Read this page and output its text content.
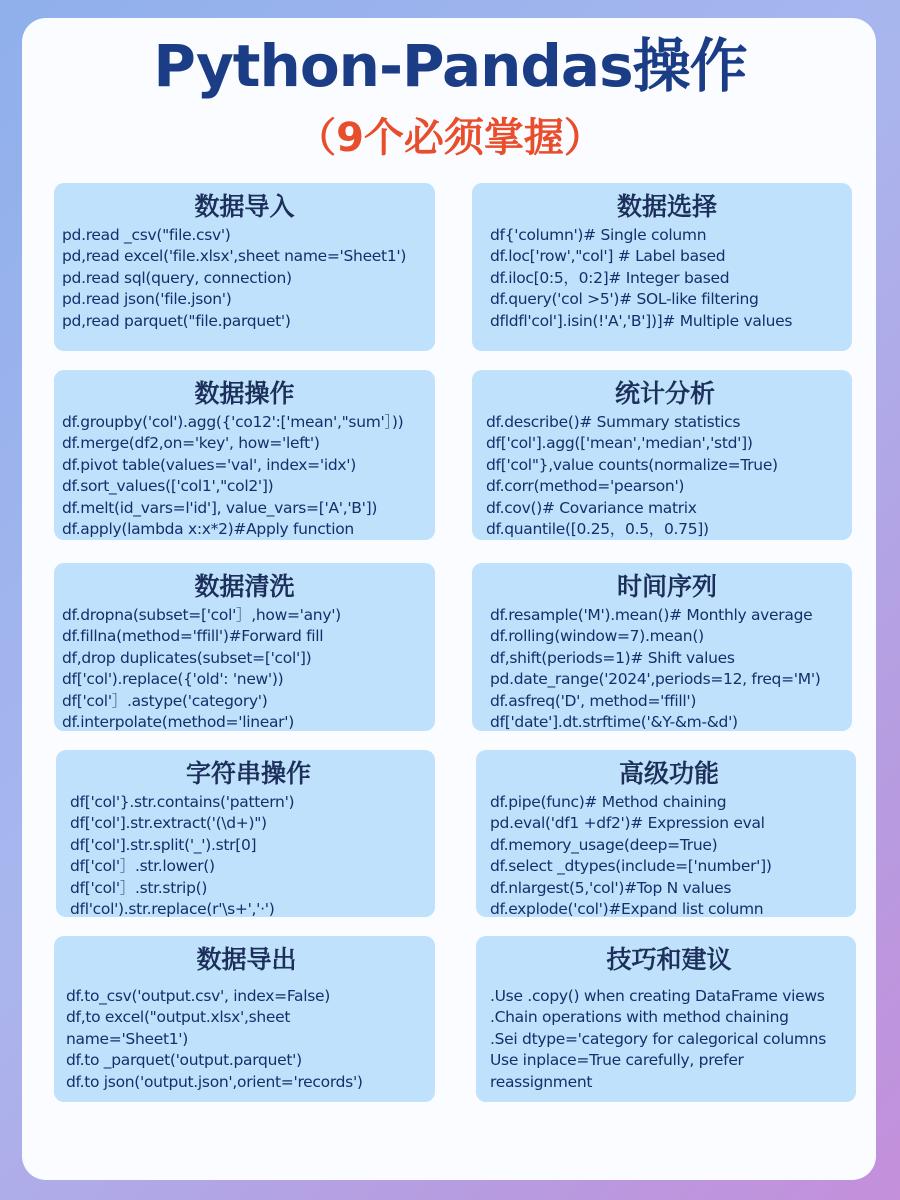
Python-Pandas操作
（9个必须掌握）
数据导入
pd.read _csv("file.csv')
pd,read excel('file.xlsx',sheet name='Sheet1')
pd.read sql(query, connection)
pd.read json('file.json')
pd,read parquet("file.parquet')
数据选择
df{'column')# Single column
df.loc['row',"col'] # Label based
df.iloc[0:5，0:2]# Integer based
df.query('col >5')# SOL-like filtering
dfldfl'col'].isin(!'A','B'])]# Multiple values
数据操作
df.groupby('col').agg({'co12':['mean',"sum'］))
df.merge(df2,on='key', how='left')
df.pivot table(values='val', index='idx')
df.sort_values(['col1',"col2'])
df.melt(id_vars=l'id'], value_vars=['A','B'])
df.apply(lambda x:x*2)#Apply function
统计分析
df.describe()# Summary statistics
df['col'].agg(['mean','median','std'])
df['col"},value counts(normalize=True)
df.corr(method='pearson')
df.cov()# Covariance matrix
df.quantile([0.25，0.5，0.75])
数据清洗
df.dropna(subset=['col'］,how='any')
df.fillna(method='ffill')#Forward fill
df,drop duplicates(subset=['col'])
df['col').replace({'old': 'new'))
df['col'］.astype('category')
df.interpolate(method='linear')
时间序列
df.resample('M').mean()# Monthly average
df.rolling(window=7).mean()
df,shift(periods=1)# Shift values
pd.date_range('2024',periods=12, freq='M')
df.asfreq('D', method='ffill')
df['date'].dt.strftime('&Y-&m-&d')
字符串操作
df['col'}.str.contains('pattern')
df['col'].str.extract('(\d+)")
df['col'].str.split('_').str[0]
df['col'］.str.lower()
df['col'］.str.strip()
dfl'col').str.replace(r'\s+','·')
高级功能
df.pipe(func)# Method chaining
pd.eval('df1 +df2')# Expression eval
df.memory_usage(deep=True)
df.select _dtypes(include=['number'])
df.nlargest(5,'col')#Top N values
df.explode('col')#Expand list column
数据导出
df.to_csv('output.csv', index=False)
df,to excel("output.xlsx',sheet
name='Sheet1')
df.to _parquet('output.parquet')
df.to json('output.json',orient='records')
技巧和建议
.Use .copy() when creating DataFrame views
.Chain operations with method chaining
.Sei dtype='category for calegorical columns
Use inplace=True carefully, prefer
reassignment
